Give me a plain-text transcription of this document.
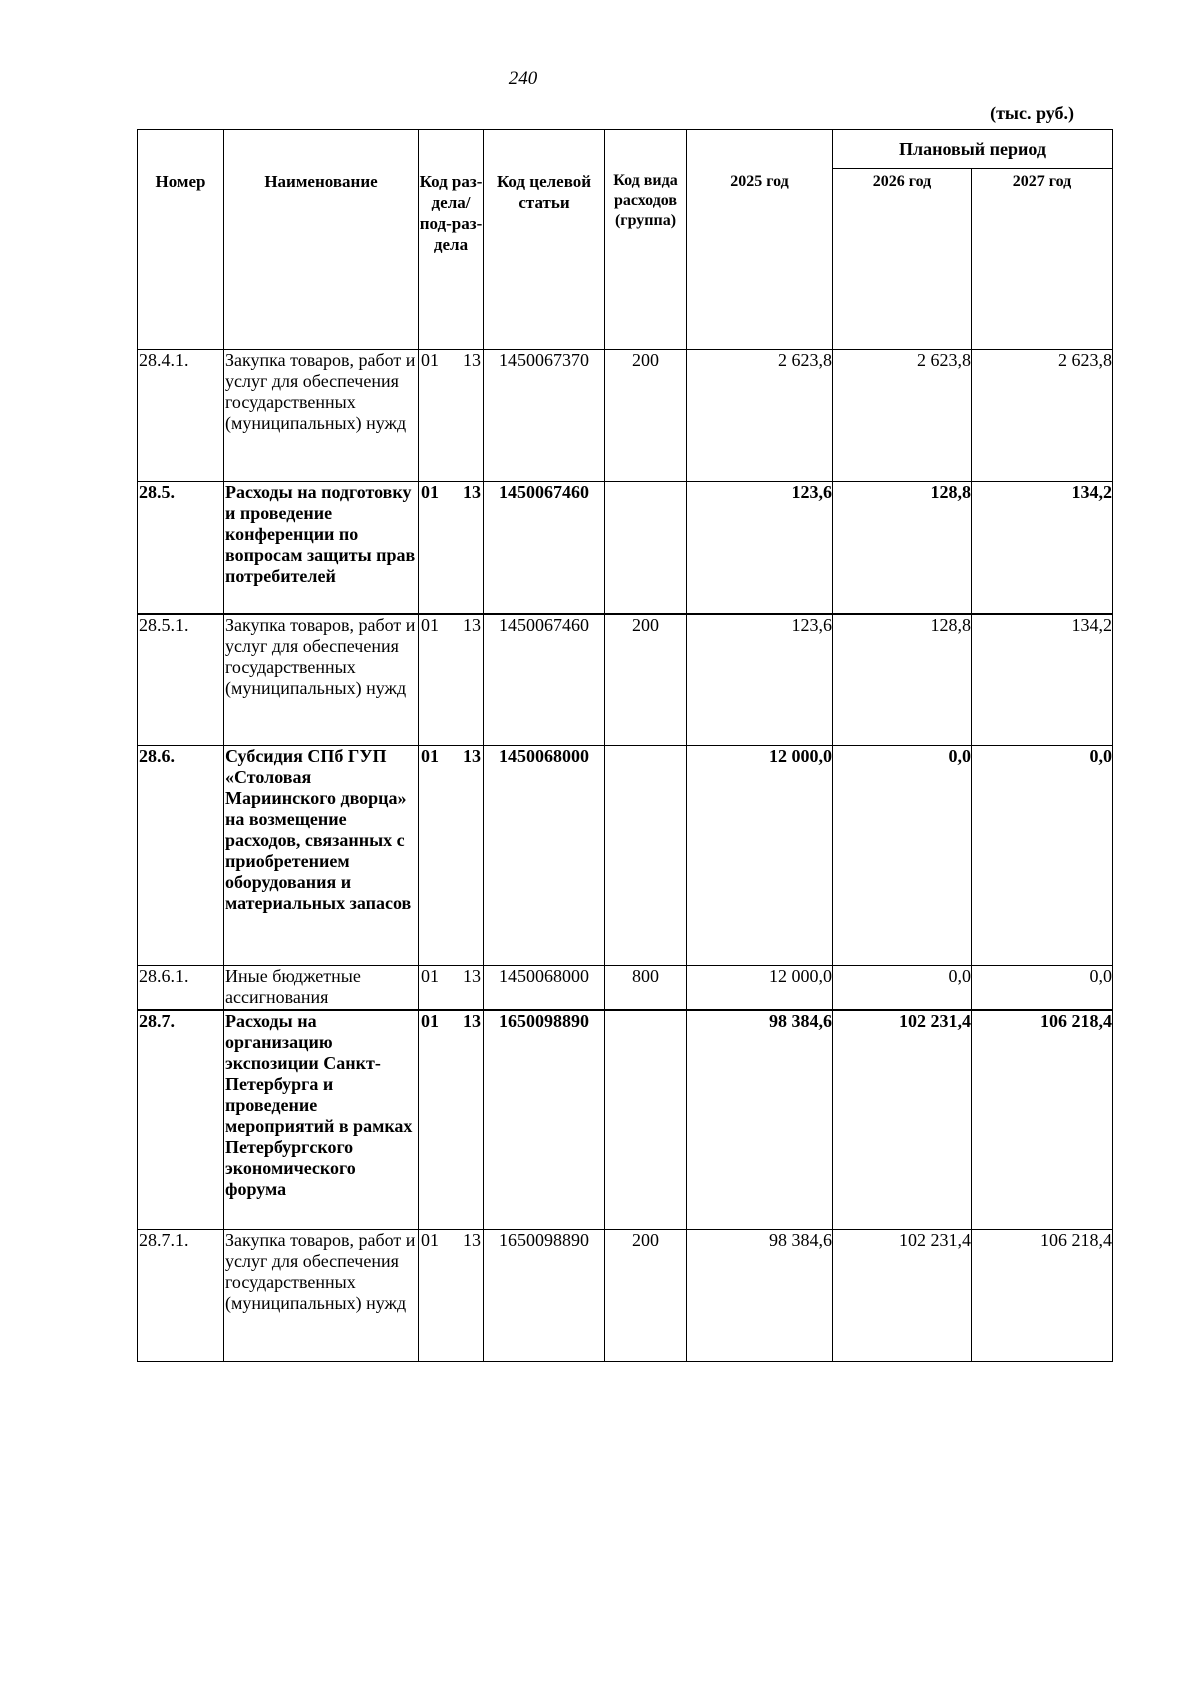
240
(тыс. руб.)
Номер	Наименование	Код раз-дела/ под-раз-дела	Код целевой статьи	Код вида расходов (группа)	2025 год	Плановый период	
						2026 год	2027 год
28.4.1.	Закупка товаров, работ и услуг для обеспечения государственных (муниципальных) нужд	01 13	1450067370	200	2 623,8	2 623,8	2 623,8
28.5.	Расходы на подготовку и проведение конференции по вопросам защиты прав потребителей	01 13	1450067460		123,6	128,8	134,2
28.5.1.	Закупка товаров, работ и услуг для обеспечения государственных (муниципальных) нужд	01 13	1450067460	200	123,6	128,8	134,2
28.6.	Субсидия СПб ГУП «Столовая Мариинского дворца» на возмещение расходов, связанных с приобретением оборудования и материальных запасов	01 13	1450068000		12 000,0	0,0	0,0
28.6.1.	Иные бюджетные ассигнования	01 13	1450068000	800	12 000,0	0,0	0,0
28.7.	Расходы на организацию экспозиции Санкт-Петербурга и проведение мероприятий в рамках Петербургского экономического форума	01 13	1650098890		98 384,6	102 231,4	106 218,4
28.7.1.	Закупка товаров, работ и услуг для обеспечения государственных (муниципальных) нужд	01 13	1650098890	200	98 384,6	102 231,4	106 218,4
